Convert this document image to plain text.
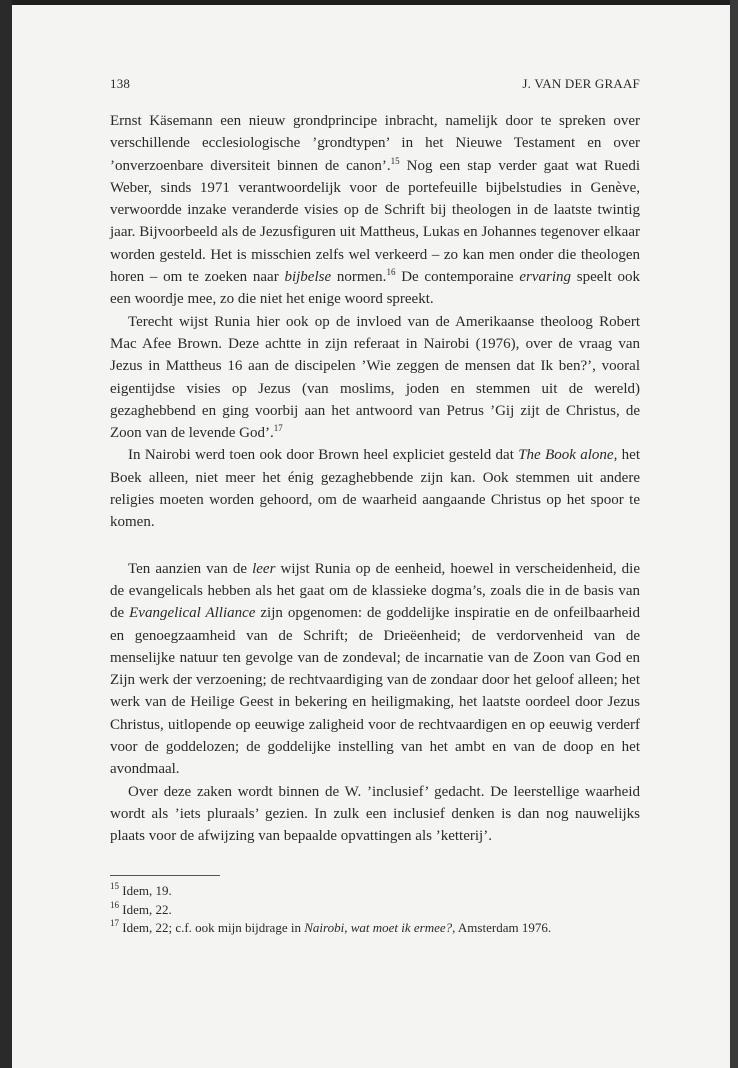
138	J. VAN DER GRAAF

Ernst Käsemann een nieuw grondprincipe inbracht, namelijk door te spreken over verschillende ecclesiologische ’grondtypen’ in het Nieuwe Testament en over ’onverzoenbare diversiteit binnen de canon’.$^{15}$ Nog een stap verder gaat wat Ruedi Weber, sinds 1971 verantwoordelijk voor de portefeuille bijbelstudies in Genève, verwoordde inzake veranderde visies op de Schrift bij theologen in de laatste twintig jaar. Bijvoorbeeld als de Jezusfiguren uit Mattheus, Lukas en Johannes tegenover elkaar worden gesteld. Het is misschien zelfs wel verkeerd – zo kan men onder die theologen horen – om te zoeken naar bijbelse normen.$^{16}$ De contemporaine ervaring speelt ook een woordje mee, zo die niet het enige woord spreekt.

Terecht wijst Runia hier ook op de invloed van de Amerikaanse theoloog Robert Mac Afee Brown. Deze achtte in zijn referaat in Nairobi (1976), over de vraag van Jezus in Mattheus 16 aan de discipelen ’Wie zeggen de mensen dat Ik ben?’, vooral eigentijdse visies op Jezus (van moslims, joden en stemmen uit de wereld) gezaghebbend en ging voorbij aan het antwoord van Petrus ’Gij zijt de Christus, de Zoon van de levende God’.$^{17}$

In Nairobi werd toen ook door Brown heel expliciet gesteld dat The Book alone, het Boek alleen, niet meer het énig gezaghebbende zijn kan. Ook stemmen uit andere religies moeten worden gehoord, om de waarheid aangaande Christus op het spoor te komen.

Ten aanzien van de leer wijst Runia op de eenheid, hoewel in verscheidenheid, die de evangelicals hebben als het gaat om de klassieke dogma’s, zoals die in de basis van de Evangelical Alliance zijn opgenomen: de goddelijke inspiratie en de onfeilbaarheid en genoegzaamheid van de Schrift; de Drieëenheid; de verdorvenheid van de menselijke natuur ten gevolge van de zondeval; de incarnatie van de Zoon van God en Zijn werk der verzoening; de rechtvaardiging van de zondaar door het geloof alleen; het werk van de Heilige Geest in bekering en heiligmaking, het laatste oordeel door Jezus Christus, uitlopende op eeuwige zaligheid voor de rechtvaardigen en op eeuwig verderf voor de goddelozen; de goddelijke instelling van het ambt en van de doop en het avondmaal.

Over deze zaken wordt binnen de W. ’inclusief’ gedacht. De leerstellige waarheid wordt als ’iets pluraals’ gezien. In zulk een inclusief denken is dan nog nauwelijks plaats voor de afwijzing van bepaalde opvattingen als ’ketterij’.

$^{15}$ Idem, 19.
$^{16}$ Idem, 22.
$^{17}$ Idem, 22; c.f. ook mijn bijdrage in Nairobi, wat moet ik ermee?, Amsterdam 1976.
